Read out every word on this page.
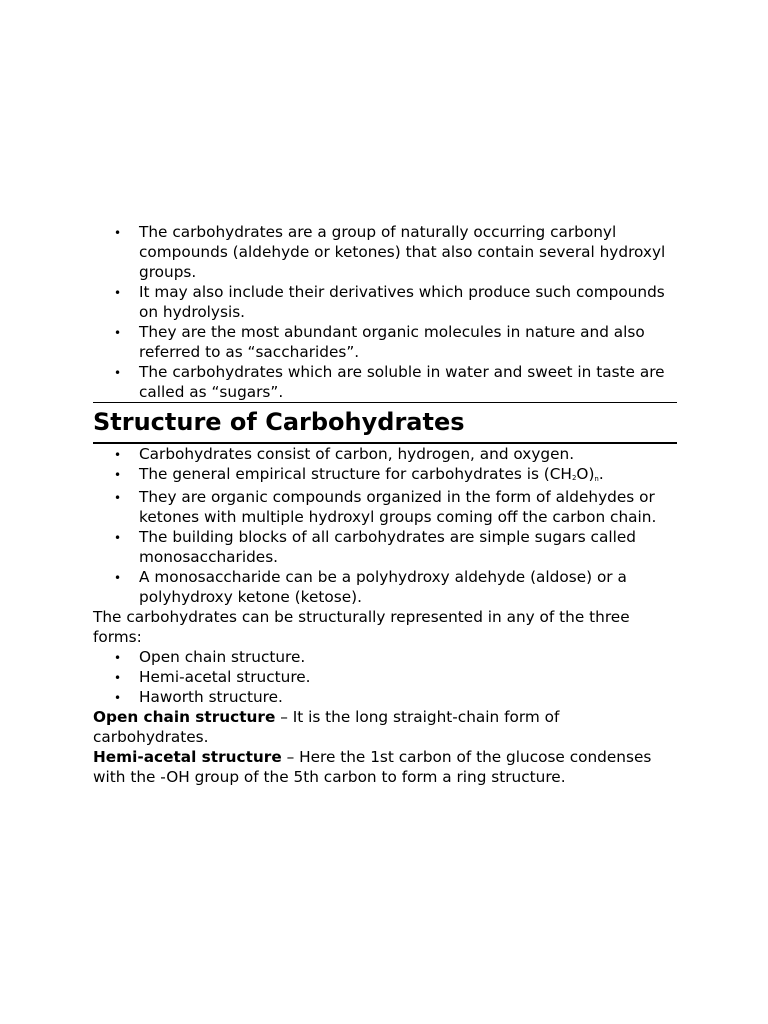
• The carbohydrates are a group of naturally occurring carbonyl compounds (aldehyde or ketones) that also contain several hydroxyl groups.
• It may also include their derivatives which produce such compounds on hydrolysis.
• They are the most abundant organic molecules in nature and also referred to as “saccharides”.
• The carbohydrates which are soluble in water and sweet in taste are called as “sugars”.
Structure of Carbohydrates
• Carbohydrates consist of carbon, hydrogen, and oxygen.
• The general empirical structure for carbohydrates is (CH2O)n.
• They are organic compounds organized in the form of aldehydes or ketones with multiple hydroxyl groups coming off the carbon chain.
• The building blocks of all carbohydrates are simple sugars called monosaccharides.
• A monosaccharide can be a polyhydroxy aldehyde (aldose) or a polyhydroxy ketone (ketose).

The carbohydrates can be structurally represented in any of the three forms:

• Open chain structure.
• Hemi-acetal structure.
• Haworth structure.

Open chain structure – It is the long straight-chain form of carbohydrates.

Hemi-acetal structure – Here the 1st carbon of the glucose condenses with the -OH group of the 5th carbon to form a ring structure.
